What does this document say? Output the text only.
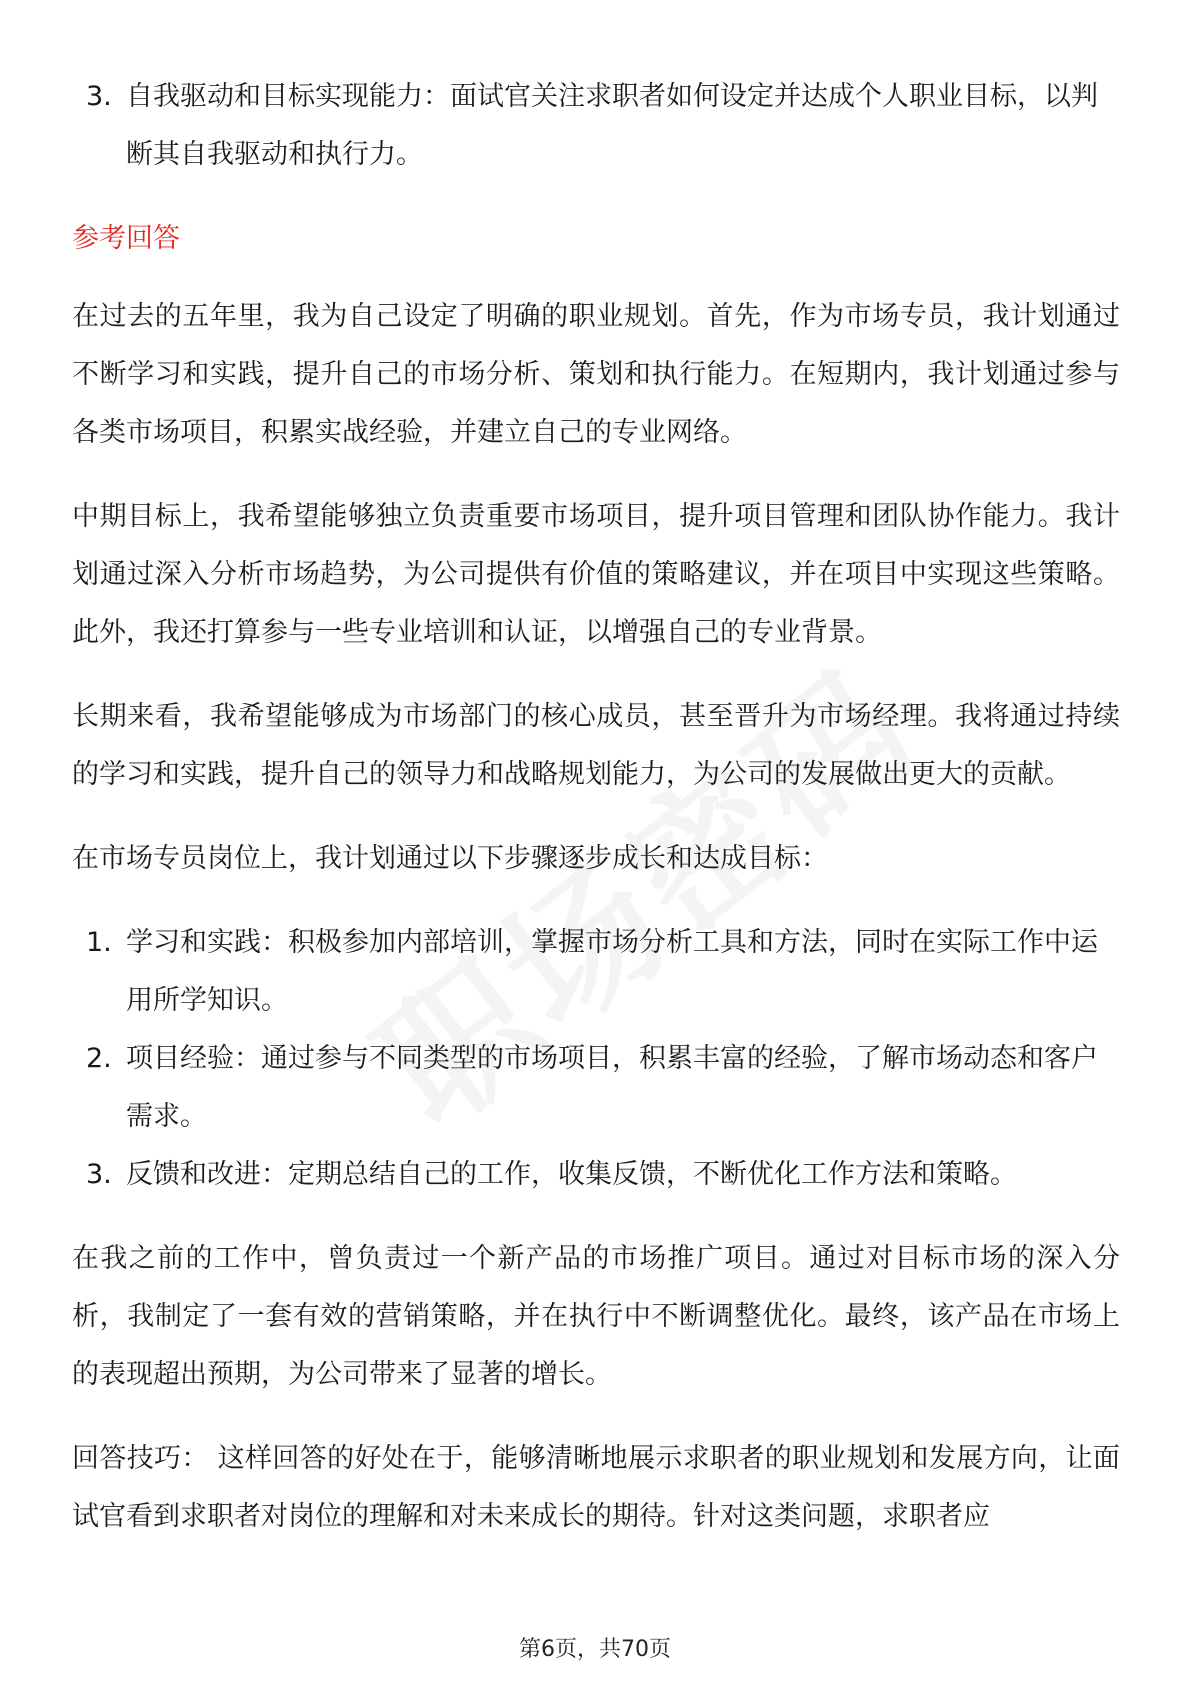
3. 自我驱动和目标实现能力：面试官关注求职者如何设定并达成个人职业目标，以判断其自我驱动和执行力。
参考回答

在过去的五年里，我为自己设定了明确的职业规划。首先，作为市场专员，我计划通过不断学习和实践，提升自己的市场分析、策划和执行能力。在短期内，我计划通过参与各类市场项目，积累实战经验，并建立自己的专业网络。

中期目标上，我希望能够独立负责重要市场项目，提升项目管理和团队协作能力。我计划通过深入分析市场趋势，为公司提供有价值的策略建议，并在项目中实现这些策略。此外，我还打算参与一些专业培训和认证，以增强自己的专业背景。

长期来看，我希望能够成为市场部门的核心成员，甚至晋升为市场经理。我将通过持续的学习和实践，提升自己的领导力和战略规划能力，为公司的发展做出更大的贡献。

在市场专员岗位上，我计划通过以下步骤逐步成长和达成目标：

1. 学习和实践：积极参加内部培训，掌握市场分析工具和方法，同时在实际工作中运用所学知识。
2. 项目经验：通过参与不同类型的市场项目，积累丰富的经验，了解市场动态和客户需求。
3. 反馈和改进：定期总结自己的工作，收集反馈，不断优化工作方法和策略。

在我之前的工作中，曾负责过一个新产品的市场推广项目。通过对目标市场的深入分析，我制定了一套有效的营销策略，并在执行中不断调整优化。最终，该产品在市场上的表现超出预期，为公司带来了显著的增长。

回答技巧： 这样回答的好处在于，能够清晰地展示求职者的职业规划和发展方向，让面试官看到求职者对岗位的理解和对未来成长的期待。针对这类问题，求职者应

第6页，共70页
